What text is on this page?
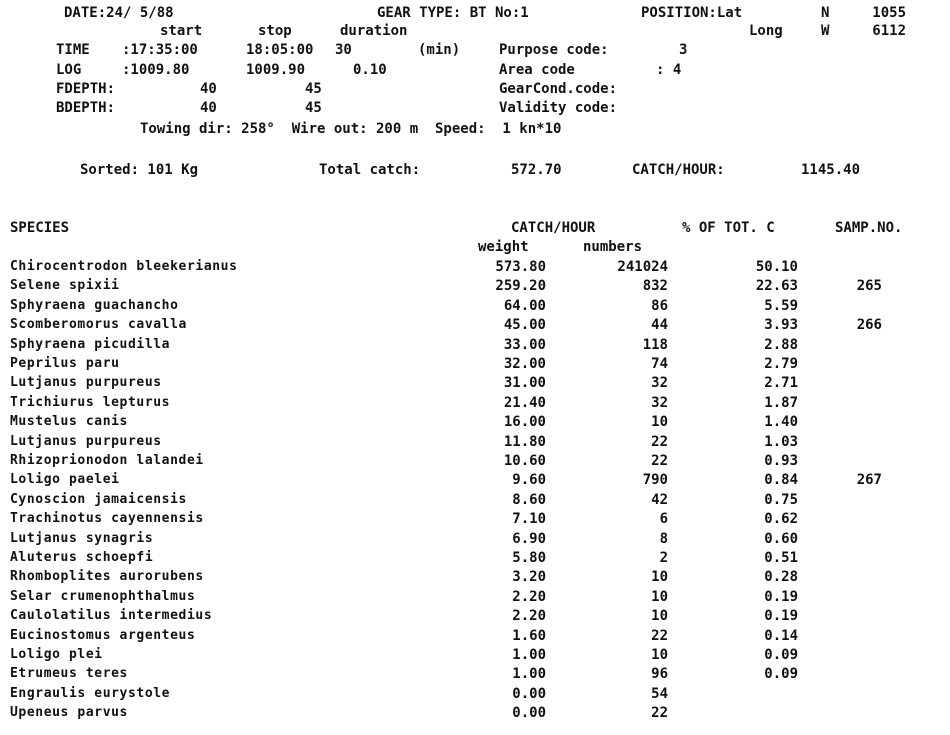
DATE:24/ 5/88	GEAR TYPE: BT No:1	POSITION:Lat	N	1055
start	stop	duration	Long	W	6112
TIME :17:35:00	18:05:00 30	(min)	Purpose code:	3
LOG	:1009.80	1009.90	0.10	Area code	: 4
FDEPTH:	40	45	GearCond.code:
BDEPTH:	40	45	Validity code:
Towing dir: 258°  Wire out: 200 m  Speed:  1 kn*10
Sorted: 101 Kg	Total catch:	572.70	CATCH/HOUR:	1145.40
SPECIES	CATCH/HOUR	% OF TOT. C	SAMP.NO.
weight	numbers
Chirocentrodon bleekerianus	573.80	241024	50.10
Selene spixii	259.20	832	22.63	265
Sphyraena guachancho	64.00	86	5.59
Scomberomorus cavalla	45.00	44	3.93	266
Sphyraena picudilla	33.00	118	2.88
Peprilus paru	32.00	74	2.79
Lutjanus purpureus	31.00	32	2.71
Trichiurus lepturus	21.40	32	1.87
Mustelus canis	16.00	10	1.40
Lutjanus purpureus	11.80	22	1.03
Rhizoprionodon lalandei	10.60	22	0.93
Loligo paelei	9.60	790	0.84	267
Cynoscion jamaicensis	8.60	42	0.75
Trachinotus cayennensis	7.10	6	0.62
Lutjanus synagris	6.90	8	0.60
Aluterus schoepfi	5.80	2	0.51
Rhomboplites aurorubens	3.20	10	0.28
Selar crumenophthalmus	2.20	10	0.19
Caulolatilus intermedius	2.20	10	0.19
Eucinostomus argenteus	1.60	22	0.14
Loligo plei	1.00	10	0.09
Etrumeus teres	1.00	96	0.09
Engraulis eurystole	0.00	54
Upeneus parvus	0.00	22
